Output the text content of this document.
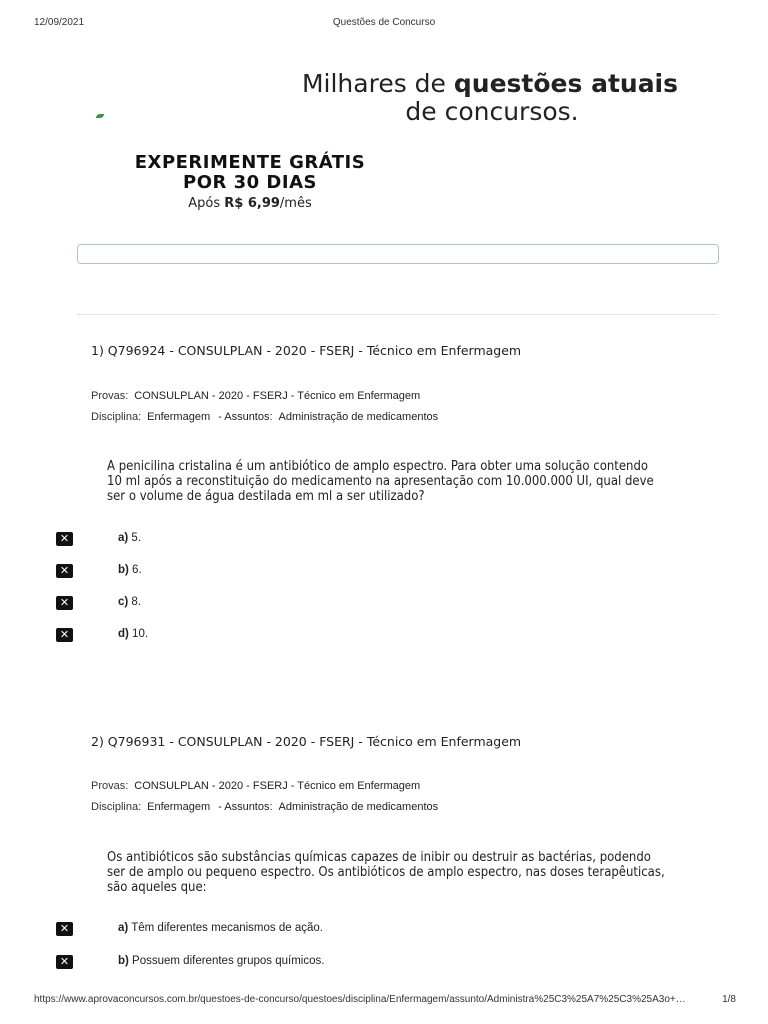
12/09/2021	Questões de Concurso
Milhares de questões atuais
de concursos.
EXPERIMENTE GRÁTIS
POR 30 DIAS
Após R$ 6,99/mês
1) Q796924 - CONSULPLAN - 2020 - FSERJ - Técnico em Enfermagem
Provas: CONSULPLAN - 2020 - FSERJ - Técnico em Enfermagem
Disciplina: Enfermagem - Assuntos: Administração de medicamentos
A penicilina cristalina é um antibiótico de amplo espectro. Para obter uma solução contendo
10 ml após a reconstituição do medicamento na apresentação com 10.000.000 UI, qual deve
ser o volume de água destilada em ml a ser utilizado?
✕	a) 5.
✕	b) 6.
✕	c) 8.
✕	d) 10.
2) Q796931 - CONSULPLAN - 2020 - FSERJ - Técnico em Enfermagem
Provas: CONSULPLAN - 2020 - FSERJ - Técnico em Enfermagem
Disciplina: Enfermagem - Assuntos: Administração de medicamentos
Os antibióticos são substâncias químicas capazes de inibir ou destruir as bactérias, podendo
ser de amplo ou pequeno espectro. Os antibióticos de amplo espectro, nas doses terapêuticas,
são aqueles que:
✕	a) Têm diferentes mecanismos de ação.
✕	b) Possuem diferentes grupos químicos.
https://www.aprovaconcursos.com.br/questoes-de-concurso/questoes/disciplina/Enfermagem/assunto/Administra%25C3%25A7%25C3%25A3o+…	1/8
